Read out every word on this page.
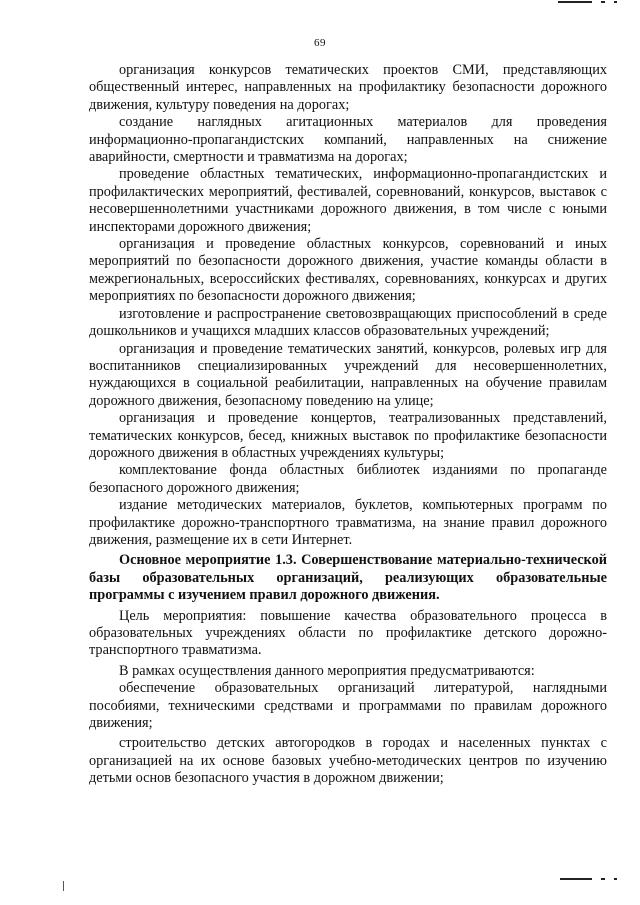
69

организация конкурсов тематических проектов СМИ, представляющих общественный интерес, направленных на профилактику безопасности дорожного движения, культуру поведения на дорогах;

создание наглядных агитационных материалов для проведения информационно-пропагандистских компаний, направленных на снижение аварийности, смертности и травматизма на дорогах;

проведение областных тематических, информационно-пропагандистских и профилактических мероприятий, фестивалей, соревнований, конкурсов, выставок с несовершеннолетними участниками дорожного движения, в том числе с юными инспекторами дорожного движения;

организация и проведение областных конкурсов, соревнований и иных мероприятий по безопасности дорожного движения, участие команды области в межрегиональных, всероссийских фестивалях, соревнованиях, конкурсах и других мероприятиях по безопасности дорожного движения;

изготовление и распространение световозвращающих приспособлений в среде дошкольников и учащихся младших классов образовательных учреждений;

организация и проведение тематических занятий, конкурсов, ролевых игр для воспитанников специализированных учреждений для несовершеннолетних, нуждающихся в социальной реабилитации, направленных на обучение правилам дорожного движения, безопасному поведению на улице;

организация и проведение концертов, театрализованных представлений, тематических конкурсов, бесед, книжных выставок по профилактике безопасности дорожного движения в областных учреждениях культуры;

комплектование фонда областных библиотек изданиями по пропаганде безопасного дорожного движения;

издание методических материалов, буклетов, компьютерных программ по профилактике дорожно-транспортного травматизма, на знание правил дорожного движения, размещение их в сети Интернет.

Основное мероприятие 1.3. Совершенствование материально-технической базы образовательных организаций, реализующих образовательные программы с изучением правил дорожного движения.

Цель мероприятия: повышение качества образовательного процесса в образовательных учреждениях области по профилактике детского дорожно-транспортного травматизма.

В рамках осуществления данного мероприятия предусматриваются:

обеспечение образовательных организаций литературой, наглядными пособиями, техническими средствами и программами по правилам дорожного движения;

строительство детских автогородков в городах и населенных пунктах с организацией на их основе базовых учебно-методических центров по изучению детьми основ безопасного участия в дорожном движении;
